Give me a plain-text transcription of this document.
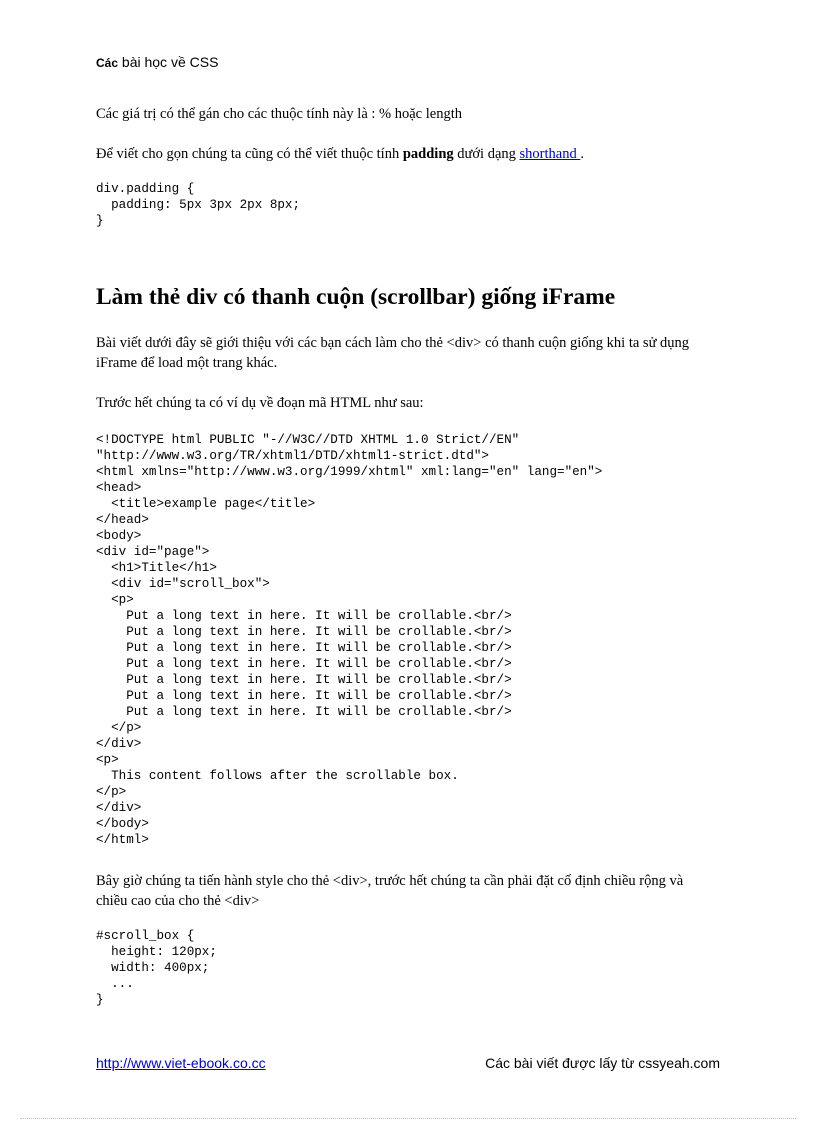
Các bài học về CSS

Các giá trị có thể gán cho các thuộc tính này là : % hoặc length

Để viết cho gọn chúng ta cũng có thể viết thuộc tính padding dưới dạng shorthand .

div.padding {
padding: 5px 3px 2px 8px;
}
Làm thẻ div có thanh cuộn (scrollbar) giống iFrame

Bài viết dưới đây sẽ giới thiệu với các bạn cách làm cho thẻ <div> có thanh cuộn giống khi ta sử dụng iFrame để load một trang khác.

Trước hết chúng ta có ví dụ về đoạn mã HTML như sau:

<!DOCTYPE html PUBLIC "-//W3C//DTD XHTML 1.0 Strict//EN"
"http://www.w3.org/TR/xhtml1/DTD/xhtml1-strict.dtd">
<html xmlns="http://www.w3.org/1999/xhtml" xml:lang="en" lang="en">
<head>
<title>example page</title>
</head>
<body>
<div id="page">
<h1>Title</h1>
<div id="scroll_box">
<p>
Put a long text in here. It will be crollable.<br/>
Put a long text in here. It will be crollable.<br/>
Put a long text in here. It will be crollable.<br/>
Put a long text in here. It will be crollable.<br/>
Put a long text in here. It will be crollable.<br/>
Put a long text in here. It will be crollable.<br/>
Put a long text in here. It will be crollable.<br/>
</p>
</div>
<p>
This content follows after the scrollable box.
</p>
</div>
</body>
</html>

Bây giờ chúng ta tiến hành style cho thẻ <div>, trước hết chúng ta cần phải đặt cố định chiều rộng và chiều cao của cho thẻ <div>

#scroll_box {
height: 120px;
width: 400px;
...
}
http://www.viet-ebook.co.cc	Các bài viết được lấy từ cssyeah.com
